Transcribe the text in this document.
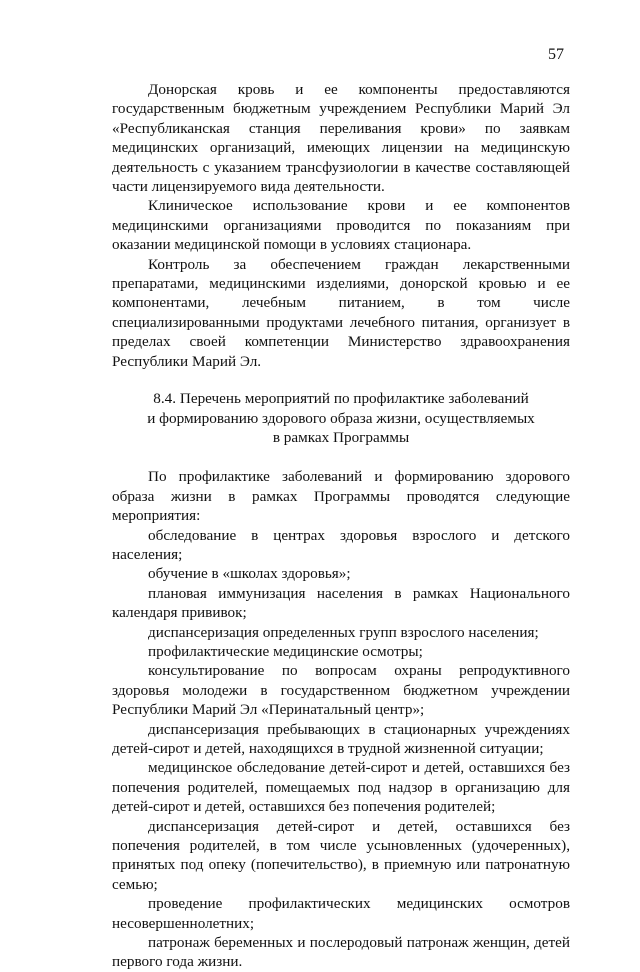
57

Донорская кровь и ее компоненты предоставляются государственным бюджетным учреждением Республики Марий Эл «Республиканская станция переливания крови» по заявкам медицинских организаций, имеющих лицензии на медицинскую деятельность с указанием трансфузиологии в качестве составляющей части лицензируемого вида деятельности.

Клиническое использование крови и ее компонентов медицинскими организациями проводится по показаниям при оказании медицинской помощи в условиях стационара.

Контроль за обеспечением граждан лекарственными препаратами, медицинскими изделиями, донорской кровью и ее компонентами, лечебным питанием, в том числе специализированными продуктами лечебного питания, организует в пределах своей компетенции Министерство здравоохранения Республики Марий Эл.

8.4. Перечень мероприятий по профилактике заболеваний
и формированию здорового образа жизни, осуществляемых
в рамках Программы

По профилактике заболеваний и формированию здорового образа жизни в рамках Программы проводятся следующие мероприятия:

обследование в центрах здоровья взрослого и детского населения;

обучение в «школах здоровья»;

плановая иммунизация населения в рамках Национального календаря прививок;

диспансеризация определенных групп взрослого населения;

профилактические медицинские осмотры;

консультирование по вопросам охраны репродуктивного здоровья молодежи в государственном бюджетном учреждении Республики Марий Эл «Перинатальный центр»;

диспансеризация пребывающих в стационарных учреждениях детей-сирот и детей, находящихся в трудной жизненной ситуации;

медицинское обследование детей-сирот и детей, оставшихся без попечения родителей, помещаемых под надзор в организацию для детей-сирот и детей, оставшихся без попечения родителей;

диспансеризация детей-сирот и детей, оставшихся без попечения родителей, в том числе усыновленных (удочеренных), принятых под опеку (попечительство), в приемную или патронатную семью;

проведение профилактических медицинских осмотров несовершеннолетних;

патронаж беременных и послеродовый патронаж женщин, детей первого года жизни.
